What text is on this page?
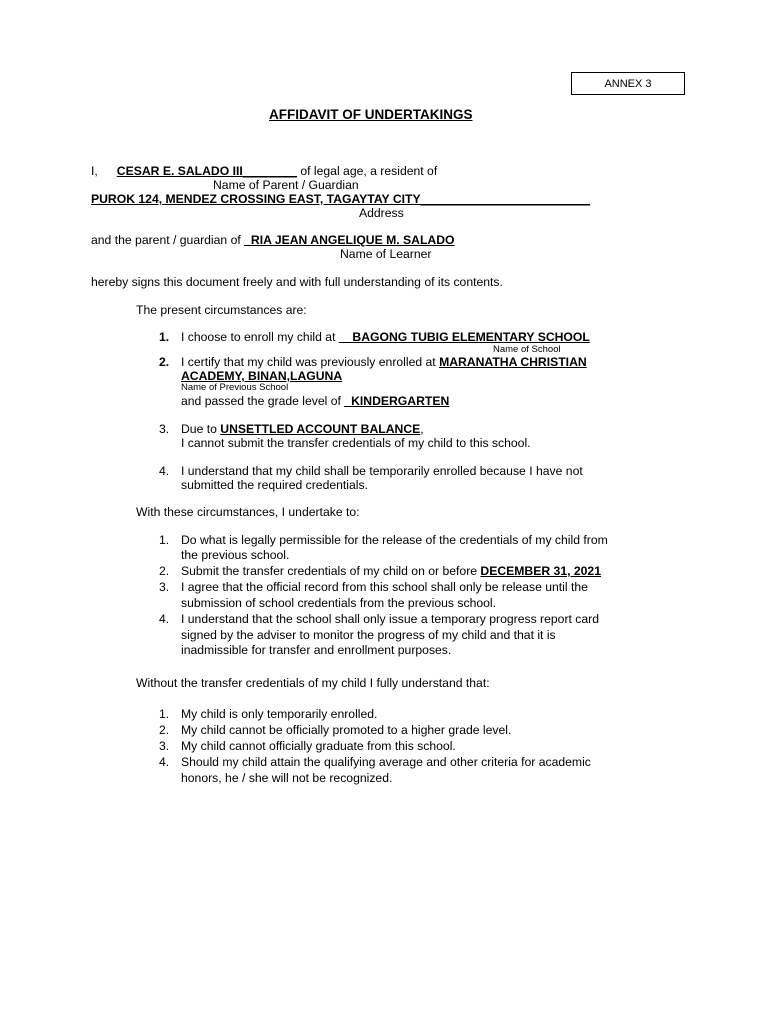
ANNEX 3
AFFIDAVIT OF UNDERTAKINGS
I, CESAR E. SALADO III________ of legal age, a resident of
Name of Parent / Guardian
PUROK 124, MENDEZ CROSSING EAST, TAGAYTAY CITY_________________________
Address
and the parent / guardian of _RIA JEAN ANGELIQUE M. SALADO
Name of Learner
hereby signs this document freely and with full understanding of its contents.
The present circumstances are:
1. I choose to enroll my child at __BAGONG TUBIG ELEMENTARY SCHOOL
Name of School
2. I certify that my child was previously enrolled at MARANATHA CHRISTIAN
ACADEMY, BINAN,LAGUNA
Name of Previous School
and passed the grade level of _KINDERGARTEN
3. Due to UNSETTLED ACCOUNT BALANCE,
I cannot submit the transfer credentials of my child to this school.
4. I understand that my child shall be temporarily enrolled because I have not
submitted the required credentials.
With these circumstances, I undertake to:
1. Do what is legally permissible for the release of the credentials of my child from
the previous school.
2. Submit the transfer credentials of my child on or before DECEMBER 31, 2021
3. I agree that the official record from this school shall only be release until the
submission of school credentials from the previous school.
4. I understand that the school shall only issue a temporary progress report card
signed by the adviser to monitor the progress of my child and that it is
inadmissible for transfer and enrollment purposes.
Without the transfer credentials of my child I fully understand that:
1. My child is only temporarily enrolled.
2. My child cannot be officially promoted to a higher grade level.
3. My child cannot officially graduate from this school.
4. Should my child attain the qualifying average and other criteria for academic
honors, he / she will not be recognized.
